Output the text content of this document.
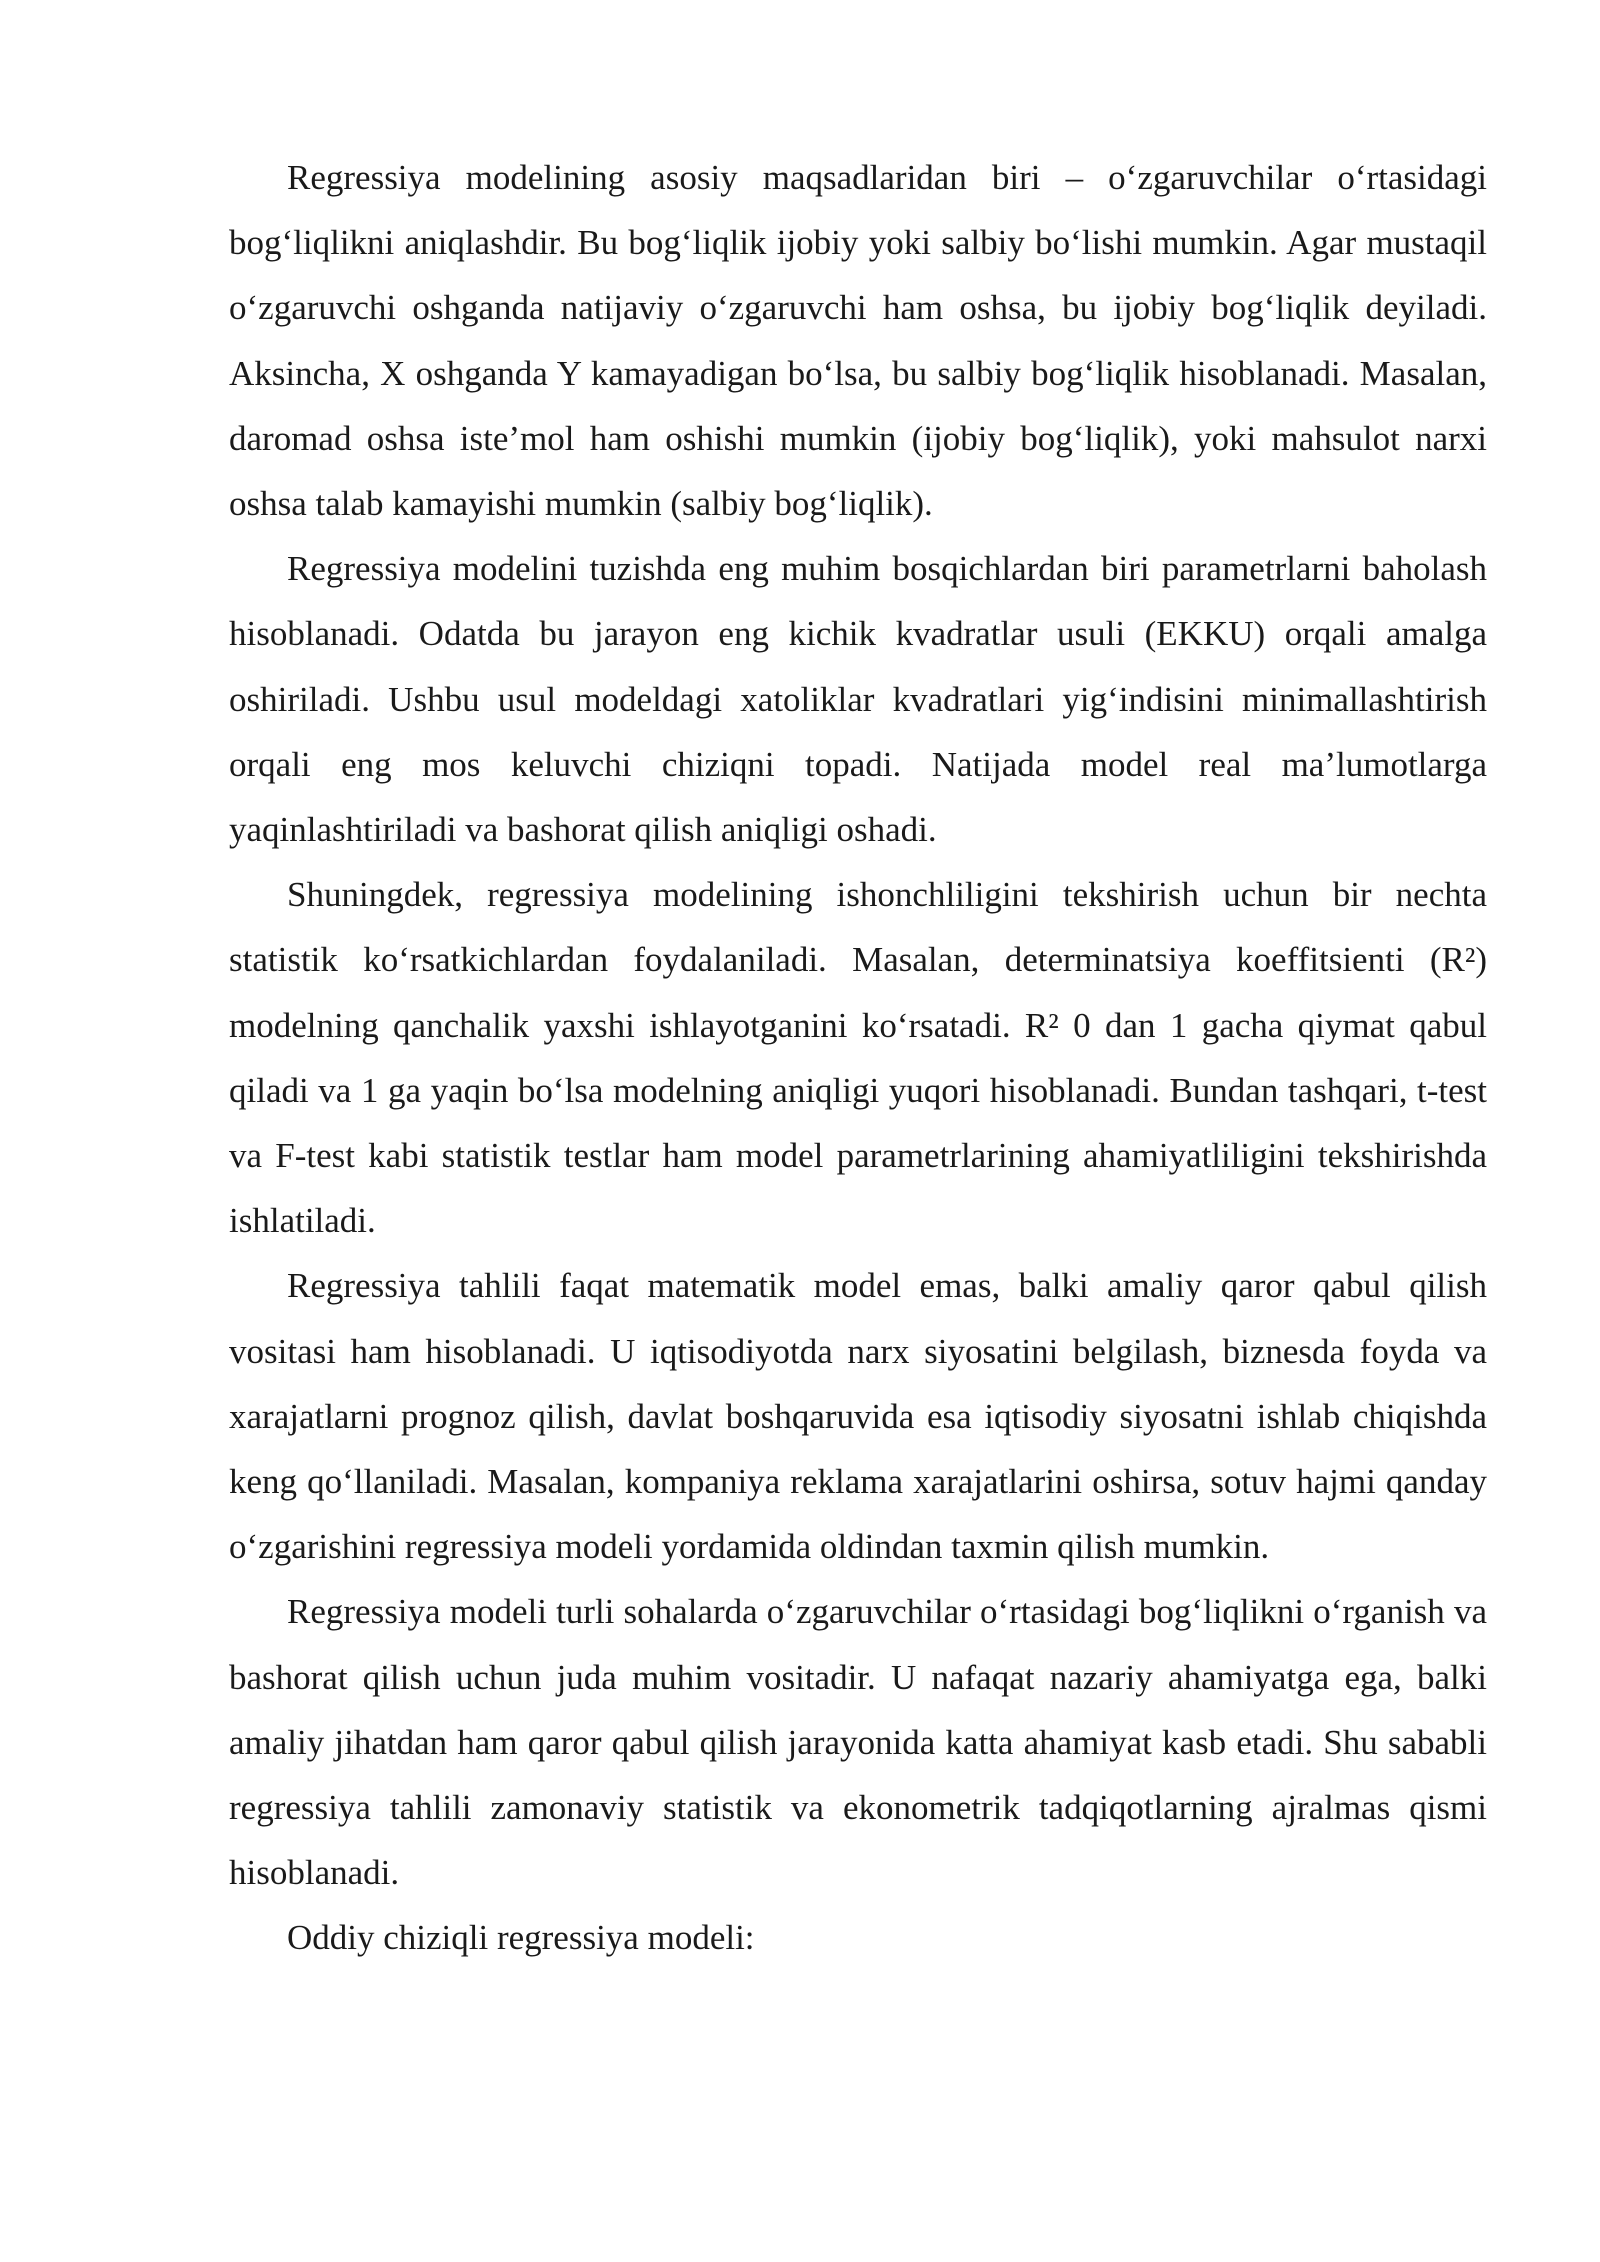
Regressiya modelining asosiy maqsadlaridan biri – o‘zgaruvchilar o‘rtasidagi bog‘liqlikni aniqlashdir. Bu bog‘liqlik ijobiy yoki salbiy bo‘lishi mumkin. Agar mustaqil o‘zgaruvchi oshganda natijaviy o‘zgaruvchi ham oshsa, bu ijobiy bog‘liqlik deyiladi. Aksincha, X oshganda Y kamayadigan bo‘lsa, bu salbiy bog‘liqlik hisoblanadi. Masalan, daromad oshsa iste’mol ham oshishi mumkin (ijobiy bog‘liqlik), yoki mahsulot narxi oshsa talab kamayishi mumkin (salbiy bog‘liqlik).

Regressiya modelini tuzishda eng muhim bosqichlardan biri parametrlarni baholash hisoblanadi. Odatda bu jarayon eng kichik kvadratlar usuli (EKKU) orqali amalga oshiriladi. Ushbu usul modeldagi xatoliklar kvadratlari yig‘indisini minimallashtirish orqali eng mos keluvchi chiziqni topadi. Natijada model real ma’lumotlarga yaqinlashtiriladi va bashorat qilish aniqligi oshadi.

Shuningdek, regressiya modelining ishonchliligini tekshirish uchun bir nechta statistik ko‘rsatkichlardan foydalaniladi. Masalan, determinatsiya koeffitsienti (R²) modelning qanchalik yaxshi ishlayotganini ko‘rsatadi. R² 0 dan 1 gacha qiymat qabul qiladi va 1 ga yaqin bo‘lsa modelning aniqligi yuqori hisoblanadi. Bundan tashqari, t-test va F-test kabi statistik testlar ham model parametrlarining ahamiyatliligini tekshirishda ishlatiladi.

Regressiya tahlili faqat matematik model emas, balki amaliy qaror qabul qilish vositasi ham hisoblanadi. U iqtisodiyotda narx siyosatini belgilash, biznesda foyda va xarajatlarni prognoz qilish, davlat boshqaruvida esa iqtisodiy siyosatni ishlab chiqishda keng qo‘llaniladi. Masalan, kompaniya reklama xarajatlarini oshirsa, sotuv hajmi qanday o‘zgarishini regressiya modeli yordamida oldindan taxmin qilish mumkin.

Regressiya modeli turli sohalarda o‘zgaruvchilar o‘rtasidagi bog‘liqlikni o‘rganish va bashorat qilish uchun juda muhim vositadir. U nafaqat nazariy ahamiyatga ega, balki amaliy jihatdan ham qaror qabul qilish jarayonida katta ahamiyat kasb etadi. Shu sababli regressiya tahlili zamonaviy statistik va ekonometrik tadqiqotlarning ajralmas qismi hisoblanadi.

Oddiy chiziqli regressiya modeli:
